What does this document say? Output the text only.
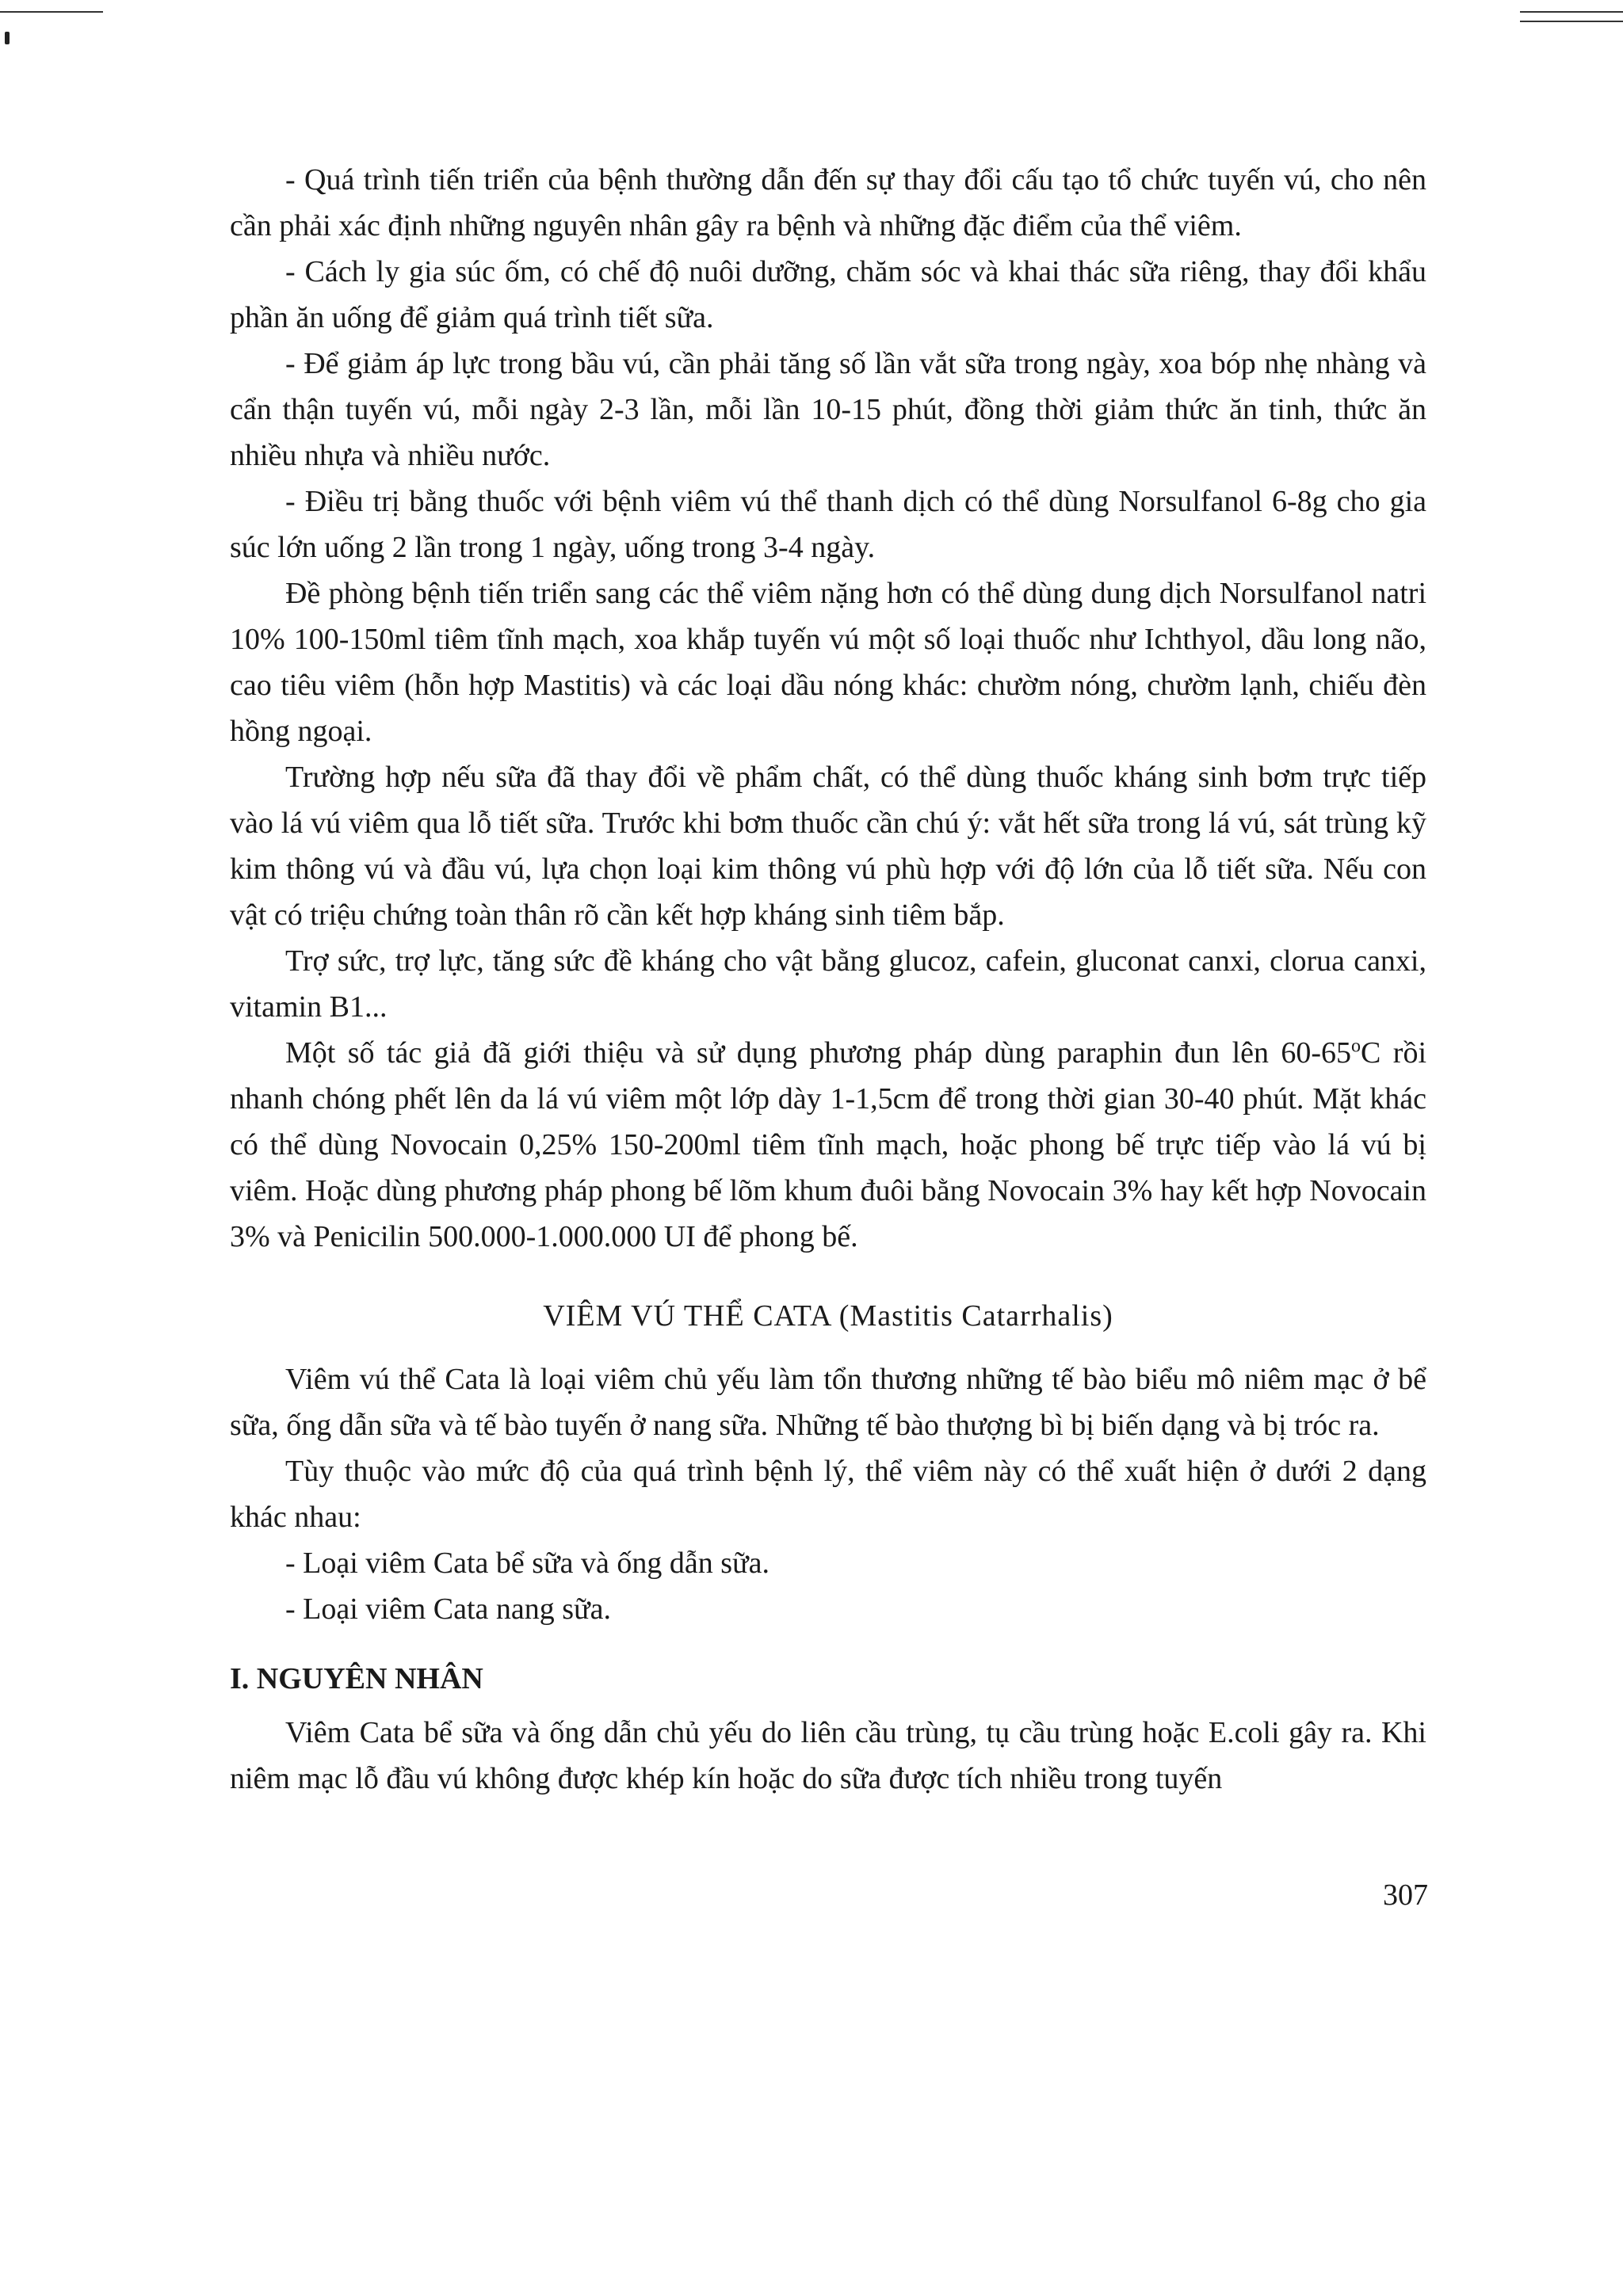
- Quá trình tiến triển của bệnh thường dẫn đến sự thay đổi cấu tạo tổ chức tuyến vú, cho nên cần phải xác định những nguyên nhân gây ra bệnh và những đặc điểm của thể viêm.

- Cách ly gia súc ốm, có chế độ nuôi dưỡng, chăm sóc và khai thác sữa riêng, thay đổi khẩu phần ăn uống để giảm quá trình tiết sữa.

- Để giảm áp lực trong bầu vú, cần phải tăng số lần vắt sữa trong ngày, xoa bóp nhẹ nhàng và cẩn thận tuyến vú, mỗi ngày 2-3 lần, mỗi lần 10-15 phút, đồng thời giảm thức ăn tinh, thức ăn nhiều nhựa và nhiều nước.

- Điều trị bằng thuốc với bệnh viêm vú thể thanh dịch có thể dùng Norsulfanol 6-8g cho gia súc lớn uống 2 lần trong 1 ngày, uống trong 3-4 ngày.

Đề phòng bệnh tiến triển sang các thể viêm nặng hơn có thể dùng dung dịch Norsulfanol natri 10% 100-150ml tiêm tĩnh mạch, xoa khắp tuyến vú một số loại thuốc như Ichthyol, dầu long não, cao tiêu viêm (hỗn hợp Mastitis) và các loại dầu nóng khác: chườm nóng, chườm lạnh, chiếu đèn hồng ngoại.

Trường hợp nếu sữa đã thay đổi về phẩm chất, có thể dùng thuốc kháng sinh bơm trực tiếp vào lá vú viêm qua lỗ tiết sữa. Trước khi bơm thuốc cần chú ý: vắt hết sữa trong lá vú, sát trùng kỹ kim thông vú và đầu vú, lựa chọn loại kim thông vú phù hợp với độ lớn của lỗ tiết sữa. Nếu con vật có triệu chứng toàn thân rõ cần kết hợp kháng sinh tiêm bắp.

Trợ sức, trợ lực, tăng sức đề kháng cho vật bằng glucoz, cafein, gluconat canxi, clorua canxi, vitamin B1...

Một số tác giả đã giới thiệu và sử dụng phương pháp dùng paraphin đun lên 60-65$^o$C rồi nhanh chóng phết lên da lá vú viêm một lớp dày 1-1,5cm để trong thời gian 30-40 phút. Mặt khác có thể dùng Novocain 0,25% 150-200ml tiêm tĩnh mạch, hoặc phong bế trực tiếp vào lá vú bị viêm. Hoặc dùng phương pháp phong bế lõm khum đuôi bằng Novocain 3% hay kết hợp Novocain 3% và Penicilin 500.000-1.000.000 UI để phong bế.

VIÊM VÚ THỂ CATA (Mastitis Catarrhalis)

Viêm vú thể Cata là loại viêm chủ yếu làm tổn thương những tế bào biểu mô niêm mạc ở bể sữa, ống dẫn sữa và tế bào tuyến ở nang sữa. Những tế bào thượng bì bị biến dạng và bị tróc ra.

Tùy thuộc vào mức độ của quá trình bệnh lý, thể viêm này có thể xuất hiện ở dưới 2 dạng khác nhau:

- Loại viêm Cata bể sữa và ống dẫn sữa.

- Loại viêm Cata nang sữa.

I. NGUYÊN NHÂN

Viêm Cata bể sữa và ống dẫn chủ yếu do liên cầu trùng, tụ cầu trùng hoặc E.coli gây ra. Khi niêm mạc lỗ đầu vú không được khép kín hoặc do sữa được tích nhiều trong tuyến

307
